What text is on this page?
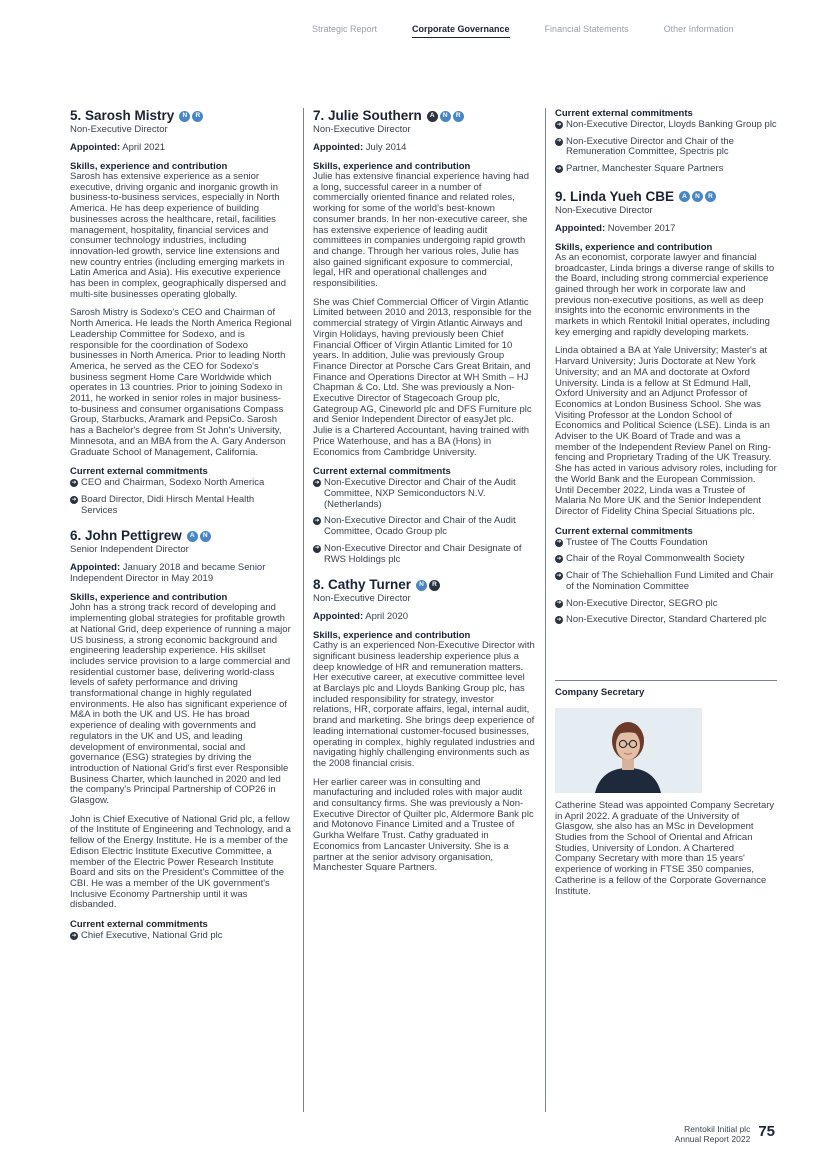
Strategic Report	Corporate Governance	Financial Statements	Other Information
5. Sarosh Mistry	N	R
Non-Executive Director
Appointed: April 2021
Skills, experience and contribution

Sarosh has extensive experience as a senior executive, driving organic and inorganic growth in business-to-business services, especially in North America. He has deep experience of building businesses across the healthcare, retail, facilities management, hospitality, financial services and consumer technology industries, including innovation-led growth, service line extensions and new country entries (including emerging markets in Latin America and Asia). His executive experience has been in complex, geographically dispersed and multi-site businesses operating globally.

Sarosh Mistry is Sodexo's CEO and Chairman of North America. He leads the North America Regional Leadership Committee for Sodexo, and is responsible for the coordination of Sodexo businesses in North America. Prior to leading North America, he served as the CEO for Sodexo's business segment Home Care Worldwide which operates in 13 countries. Prior to joining Sodexo in 2011, he worked in senior roles in major business-to-business and consumer organisations Compass Group, Starbucks, Aramark and PepsiCo. Sarosh has a Bachelor's degree from St John's University, Minnesota, and an MBA from the A. Gary Anderson Graduate School of Management, California.

Current external commitments
➜ CEO and Chairman, Sodexo North America
➜ Board Director, Didi Hirsch Mental Health Services
6. John Pettigrew	A	N
Senior Independent Director
Appointed: January 2018 and became Senior Independent Director in May 2019
Skills, experience and contribution

John has a strong track record of developing and implementing global strategies for profitable growth at National Grid, deep experience of running a major US business, a strong economic background and engineering leadership experience. His skillset includes service provision to a large commercial and residential customer base, delivering world-class levels of safety performance and driving transformational change in highly regulated environments. He also has significant experience of M&A in both the UK and US. He has broad experience of dealing with governments and regulators in the UK and US, and leading development of environmental, social and governance (ESG) strategies by driving the introduction of National Grid's first ever Responsible Business Charter, which launched in 2020 and led the company's Principal Partnership of COP26 in Glasgow.

John is Chief Executive of National Grid plc, a fellow of the Institute of Engineering and Technology, and a fellow of the Energy Institute. He is a member of the Edison Electric Institute Executive Committee, a member of the Electric Power Research Institute Board and sits on the President's Committee of the CBI. He was a member of the UK government's Inclusive Economy Partnership until it was disbanded.

Current external commitments
➜ Chief Executive, National Grid plc
7. Julie Southern	A	N	R
Non-Executive Director
Appointed: July 2014
Skills, experience and contribution

Julie has extensive financial experience having had a long, successful career in a number of commercially oriented finance and related roles, working for some of the world's best-known consumer brands. In her non-executive career, she has extensive experience of leading audit committees in companies undergoing rapid growth and change. Through her various roles, Julie has also gained significant exposure to commercial, legal, HR and operational challenges and responsibilities.

She was Chief Commercial Officer of Virgin Atlantic Limited between 2010 and 2013, responsible for the commercial strategy of Virgin Atlantic Airways and Virgin Holidays, having previously been Chief Financial Officer of Virgin Atlantic Limited for 10 years. In addition, Julie was previously Group Finance Director at Porsche Cars Great Britain, and Finance and Operations Director at WH Smith – HJ Chapman & Co. Ltd. She was previously a Non-Executive Director of Stagecoach Group plc, Gategroup AG, Cineworld plc and DFS Furniture plc and Senior Independent Director of easyJet plc. Julie is a Chartered Accountant, having trained with Price Waterhouse, and has a BA (Hons) in Economics from Cambridge University.

Current external commitments
➜ Non-Executive Director and Chair of the Audit Committee, NXP Semiconductors N.V. (Netherlands)
➜ Non-Executive Director and Chair of the Audit Committee, Ocado Group plc
➜ Non-Executive Director and Chair Designate of RWS Holdings plc
8. Cathy Turner	N	R
Non-Executive Director
Appointed: April 2020
Skills, experience and contribution

Cathy is an experienced Non-Executive Director with significant business leadership experience plus a deep knowledge of HR and remuneration matters. Her executive career, at executive committee level at Barclays plc and Lloyds Banking Group plc, has included responsibility for strategy, investor relations, HR, corporate affairs, legal, internal audit, brand and marketing. She brings deep experience of leading international customer-focused businesses, operating in complex, highly regulated industries and navigating highly challenging environments such as the 2008 financial crisis.

Her earlier career was in consulting and manufacturing and included roles with major audit and consultancy firms. She was previously a Non-Executive Director of Quilter plc, Aldermore Bank plc and Motonovo Finance Limited and a Trustee of Gurkha Welfare Trust. Cathy graduated in Economics from Lancaster University. She is a partner at the senior advisory organisation, Manchester Square Partners.

Current external commitments
➜ Non-Executive Director, Lloyds Banking Group plc
➜ Non-Executive Director and Chair of the Remuneration Committee, Spectris plc
➜ Partner, Manchester Square Partners
9. Linda Yueh CBE	A	N	R
Non-Executive Director
Appointed: November 2017
Skills, experience and contribution

As an economist, corporate lawyer and financial broadcaster, Linda brings a diverse range of skills to the Board, including strong commercial experience gained through her work in corporate law and previous non-executive positions, as well as deep insights into the economic environments in the markets in which Rentokil Initial operates, including key emerging and rapidly developing markets.

Linda obtained a BA at Yale University; Master's at Harvard University; Juris Doctorate at New York University; and an MA and doctorate at Oxford University. Linda is a fellow at St Edmund Hall, Oxford University and an Adjunct Professor of Economics at London Business School. She was Visiting Professor at the London School of Economics and Political Science (LSE). Linda is an Adviser to the UK Board of Trade and was a member of the Independent Review Panel on Ring-fencing and Proprietary Trading of the UK Treasury. She has acted in various advisory roles, including for the World Bank and the European Commission. Until December 2022, Linda was a Trustee of Malaria No More UK and the Senior Independent Director of Fidelity China Special Situations plc.

Current external commitments
➜ Trustee of The Coutts Foundation
➜ Chair of the Royal Commonwealth Society
➜ Chair of The Schiehallion Fund Limited and Chair of the Nomination Committee
➜ Non-Executive Director, SEGRO plc
➜ Non-Executive Director, Standard Chartered plc
Company Secretary

Catherine Stead was appointed Company Secretary in April 2022. A graduate of the University of Glasgow, she also has an MSc in Development Studies from the School of Oriental and African Studies, University of London. A Chartered Company Secretary with more than 15 years' experience of working in FTSE 350 companies, Catherine is a fellow of the Corporate Governance Institute.

Rentokil Initial plc
Annual Report 2022 75
